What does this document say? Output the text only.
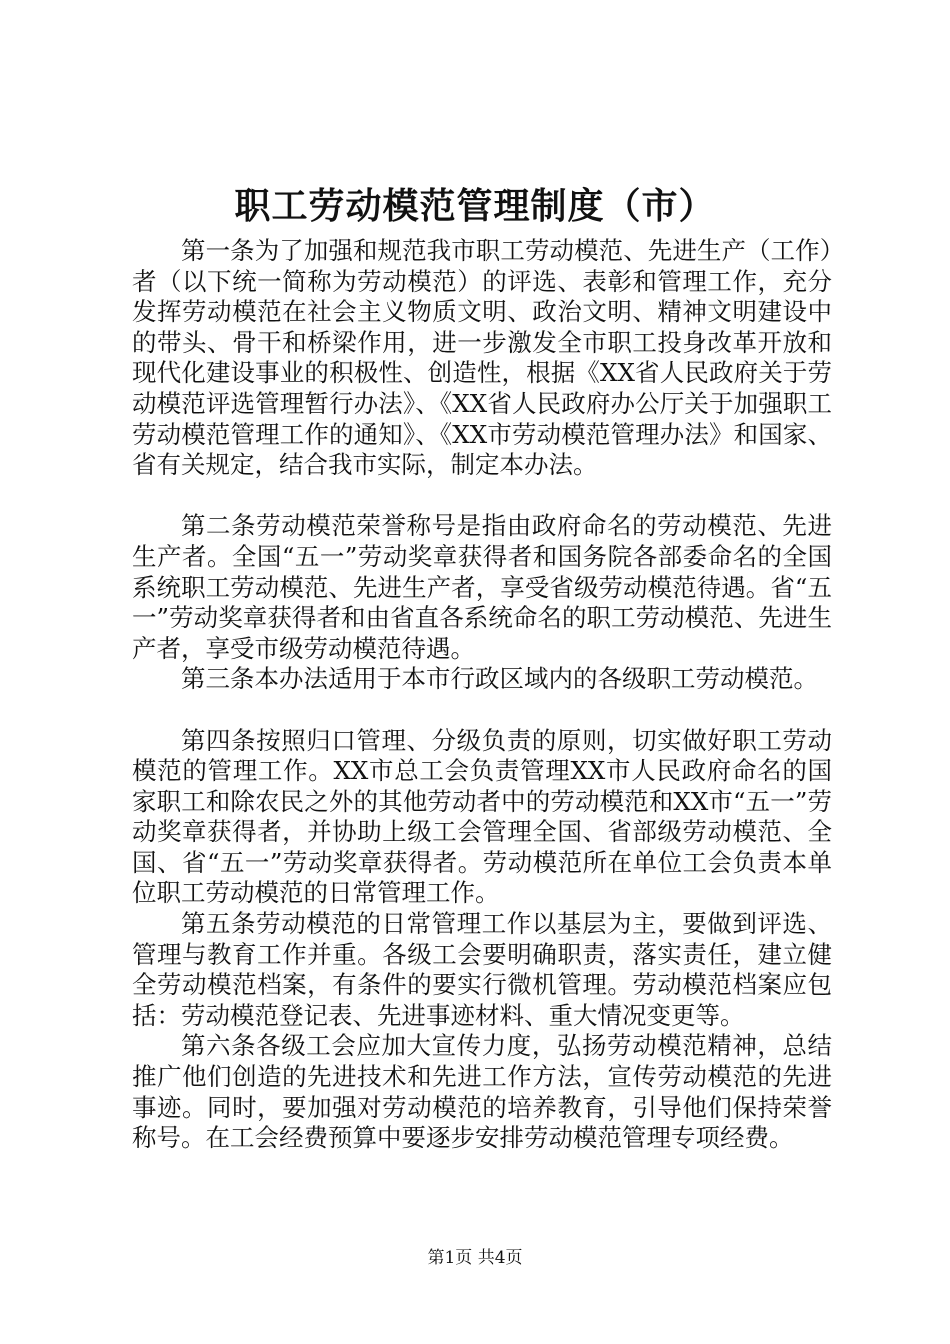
职工劳动模范管理制度（市）

第一条为了加强和规范我市职工劳动模范、先进生产（工作）者（以下统一简称为劳动模范）的评选、表彰和管理工作，充分发挥劳动模范在社会主义物质文明、政治文明、精神文明建设中的带头、骨干和桥梁作用，进一步激发全市职工投身改革开放和现代化建设事业的积极性、创造性，根据《XX省人民政府关于劳动模范评选管理暂行办法》、《XX省人民政府办公厅关于加强职工劳动模范管理工作的通知》、《XX市劳动模范管理办法》和国家、省有关规定，结合我市实际，制定本办法。

第二条劳动模范荣誉称号是指由政府命名的劳动模范、先进生产者。全国“五一”劳动奖章获得者和国务院各部委命名的全国系统职工劳动模范、先进生产者，享受省级劳动模范待遇。省“五一”劳动奖章获得者和由省直各系统命名的职工劳动模范、先进生产者，享受市级劳动模范待遇。

第三条本办法适用于本市行政区域内的各级职工劳动模范。

第四条按照归口管理、分级负责的原则，切实做好职工劳动模范的管理工作。XX市总工会负责管理XX市人民政府命名的国家职工和除农民之外的其他劳动者中的劳动模范和XX市“五一”劳动奖章获得者，并协助上级工会管理全国、省部级劳动模范、全国、省“五一”劳动奖章获得者。劳动模范所在单位工会负责本单位职工劳动模范的日常管理工作。

第五条劳动模范的日常管理工作以基层为主，要做到评选、管理与教育工作并重。各级工会要明确职责，落实责任，建立健全劳动模范档案，有条件的要实行微机管理。劳动模范档案应包括：劳动模范登记表、先进事迹材料、重大情况变更等。

第六条各级工会应加大宣传力度，弘扬劳动模范精神，总结推广他们创造的先进技术和先进工作方法，宣传劳动模范的先进事迹。同时，要加强对劳动模范的培养教育，引导他们保持荣誉称号。在工会经费预算中要逐步安排劳动模范管理专项经费。

第1页 共4页
